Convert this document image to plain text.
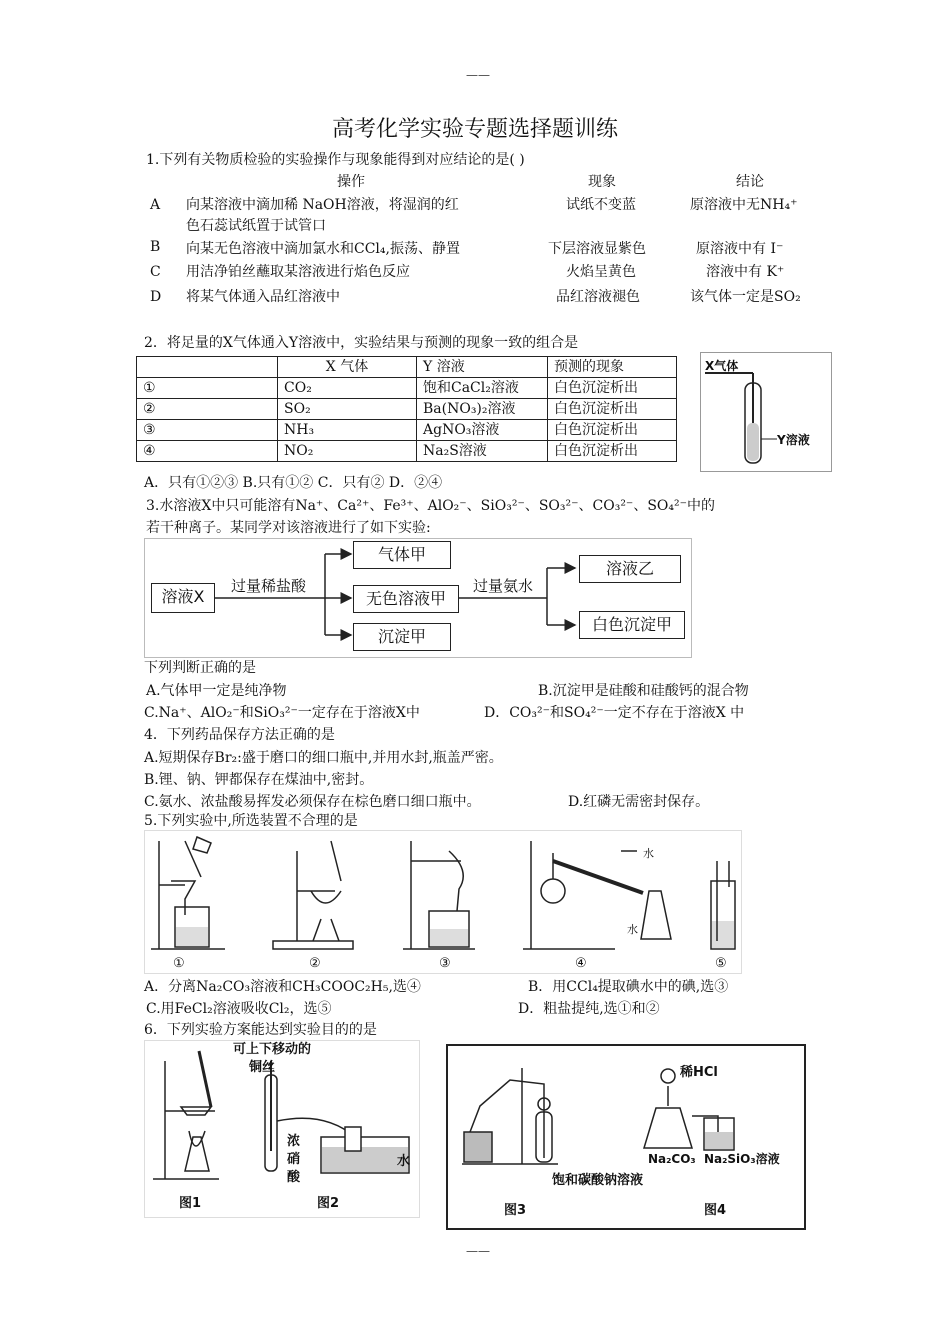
——
高考化学实验专题选择题训练
1.下列有关物质检验的实验操作与现象能得到对应结论的是( )
操作	现象	结论
A 向某溶液中滴加稀 NaOH溶液，将湿润的红
色石蕊试纸置于试管口
试纸不变蓝	原溶液中无NH₄⁺
B 向某无色溶液中滴加氯水和CCl₄,振荡、静置	下层溶液显紫色	原溶液中有 I⁻
C 用洁净铂丝蘸取某溶液进行焰色反应	火焰呈黄色	溶液中有 K⁺
D 将某气体通入品红溶液中	品红溶液褪色	该气体一定是SO₂
2．将足量的X气体通入Y溶液中，实验结果与预测的现象一致的组合是
	X 气体	Y 溶液	预测的现象
①	CO₂	饱和CaCl₂溶液	白色沉淀析出
②	SO₂	Ba(NO₃)₂溶液	白色沉淀析出
③	NH₃	AgNO₃溶液	白色沉淀析出
④	NO₂	Na₂S溶液	白色沉淀析出
X气体
Y溶液
A．只有①②③ B.只有①② C．只有② D．②④
3.水溶液X中只可能溶有Na⁺、Ca²⁺、Fe³⁺、AlO₂⁻、SiO₃²⁻、SO₃²⁻、CO₃²⁻、SO₄²⁻中的
若干种离子。某同学对该溶液进行了如下实验:
溶液X
过量稀盐酸
气体甲
无色溶液甲
沉淀甲
过量氨水
溶液乙
白色沉淀甲
下列判断正确的是
A.气体甲一定是纯净物	B.沉淀甲是硅酸和硅酸钙的混合物
C.Na⁺、AlO₂⁻和SiO₃²⁻一定存在于溶液X中	D．CO₃²⁻和SO₄²⁻一定不存在于溶液X 中
4．下列药品保存方法正确的是
A.短期保存Br₂:盛于磨口的细口瓶中,并用水封,瓶盖严密。
B.锂、钠、钾都保存在煤油中,密封。
C.氨水、浓盐酸易挥发必须保存在棕色磨口细口瓶中。	D.红磷无需密封保存。
5.下列实验中,所选装置不合理的是
①	②	③	④	⑤
水
水
A．分离Na₂CO₃溶液和CH₃COOC₂H₅,选④	B．用CCl₄提取碘水中的碘,选③
C.用FeCl₂溶液吸收Cl₂，选⑤	D．粗盐提纯,选①和②
6．下列实验方案能达到实验目的的是
可上下移动的
铜丝
浓
硝
酸
水
图1	图2
饱和碳酸钠溶液
稀HCl
Na₂CO₃ Na₂SiO₃溶液
图3	图4
——
